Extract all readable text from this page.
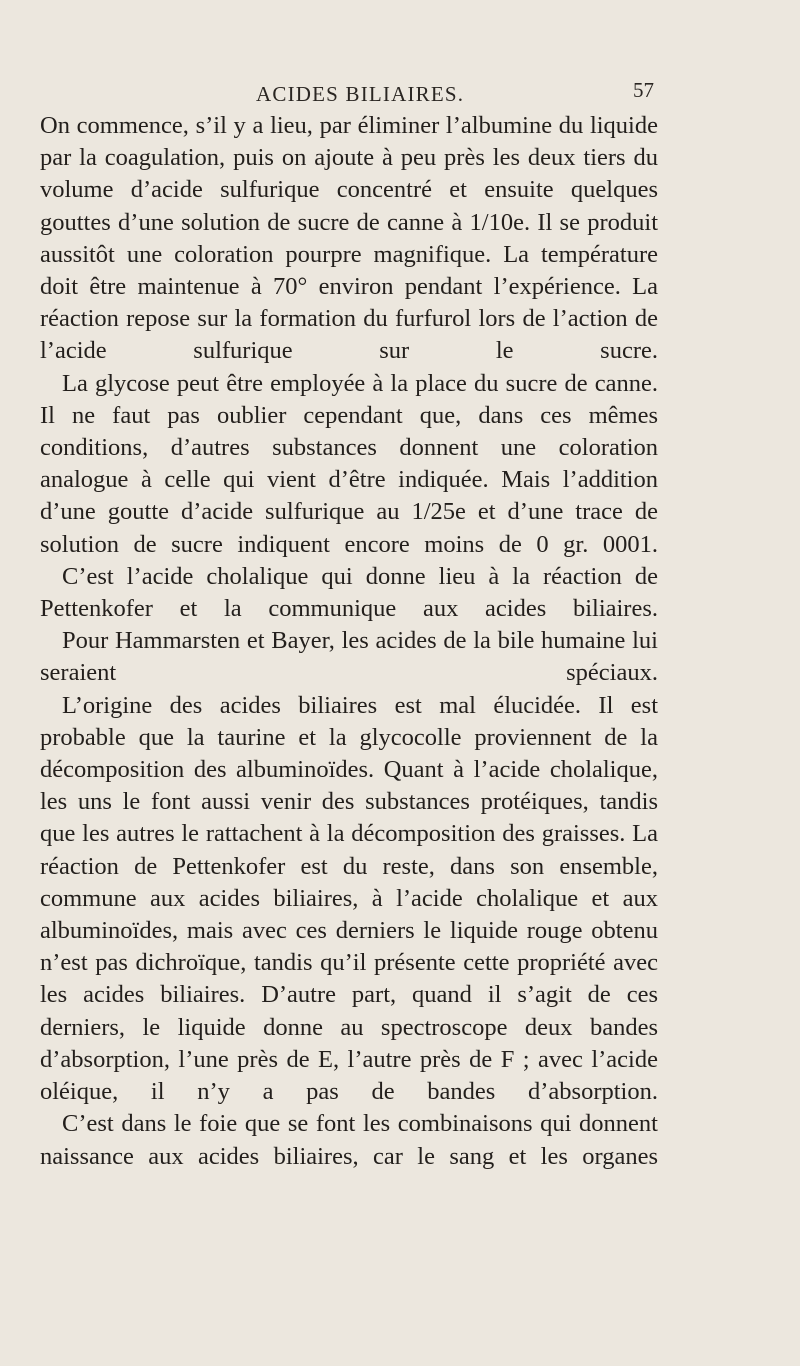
ACIDES BILIAIRES.	57

On commence, s’il y a lieu, par éliminer l’albumine du liquide par la coagulation, puis on ajoute à peu près les deux tiers du volume d’acide sulfurique concentré et ensuite quelques gouttes d’une solution de sucre de canne à 1/10e. Il se produit aussitôt une coloration pourpre magnifique. La température doit être maintenue à 70° environ pendant l’expérience. La réaction repose sur la formation du furfurol lors de l’action de l’acide sulfurique sur le sucre.

La glycose peut être employée à la place du sucre de canne. Il ne faut pas oublier cependant que, dans ces mêmes conditions, d’autres substances donnent une coloration analogue à celle qui vient d’être indiquée. Mais l’addition d’une goutte d’acide sulfurique au 1/25e et d’une trace de solution de sucre indiquent encore moins de 0 gr. 0001.

C’est l’acide cholalique qui donne lieu à la réaction de Pettenkofer et la communique aux acides biliaires.

Pour Hammarsten et Bayer, les acides de la bile humaine lui seraient spéciaux.

L’origine des acides biliaires est mal élucidée. Il est probable que la taurine et la glycocolle proviennent de la décomposition des albuminoïdes. Quant à l’acide cholalique, les uns le font aussi venir des substances protéiques, tandis que les autres le rattachent à la décomposition des graisses. La réaction de Pettenkofer est du reste, dans son ensemble, commune aux acides biliaires, à l’acide cholalique et aux albuminoïdes, mais avec ces derniers le liquide rouge obtenu n’est pas dichroïque, tandis qu’il présente cette propriété avec les acides biliaires. D’autre part, quand il s’agit de ces derniers, le liquide donne au spectroscope deux bandes d’absorption, l’une près de E, l’autre près de F ; avec l’acide oléique, il n’y a pas de bandes d’absorption.

C’est dans le foie que se font les combinaisons qui donnent naissance aux acides biliaires, car le sang et les organes
